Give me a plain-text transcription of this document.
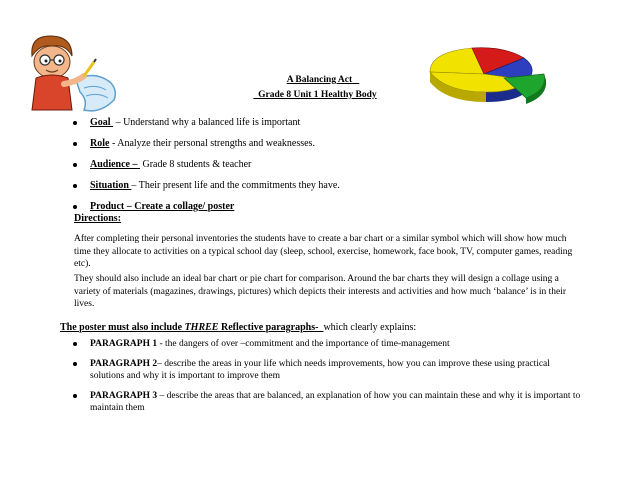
A Balancing Act
Grade 8 Unit 1 Healthy Body
Goal  – Understand why a balanced life is important
Role - Analyze their personal strengths and weaknesses.
Audience –  Grade 8 students & teacher
Situation – Their present life and the commitments they have.
Product – Create a collage/ poster
Directions:

After completing their personal inventories the students have to create a bar chart or a similar symbol which will show how much time they allocate to activities on a typical school day (sleep, school, exercise, homework, face book, TV, computer games, reading etc).

They should also include an ideal bar chart or pie chart for comparison. Around the bar charts they will design a collage using a variety of materials (magazines, drawings, pictures) which depicts their interests and activities and how much ‘balance’ is in their lives.

The poster must also include THREE Reflective paragraphs-  which clearly explains:
PARAGRAPH 1 - the dangers of over –commitment and the importance of time-management
PARAGRAPH 2– describe the areas in your life which needs improvements, how you can improve these using practical solutions and why it is important to improve them
PARAGRAPH 3 – describe the areas that are balanced, an explanation of how you can maintain these and why it is important to maintain them
